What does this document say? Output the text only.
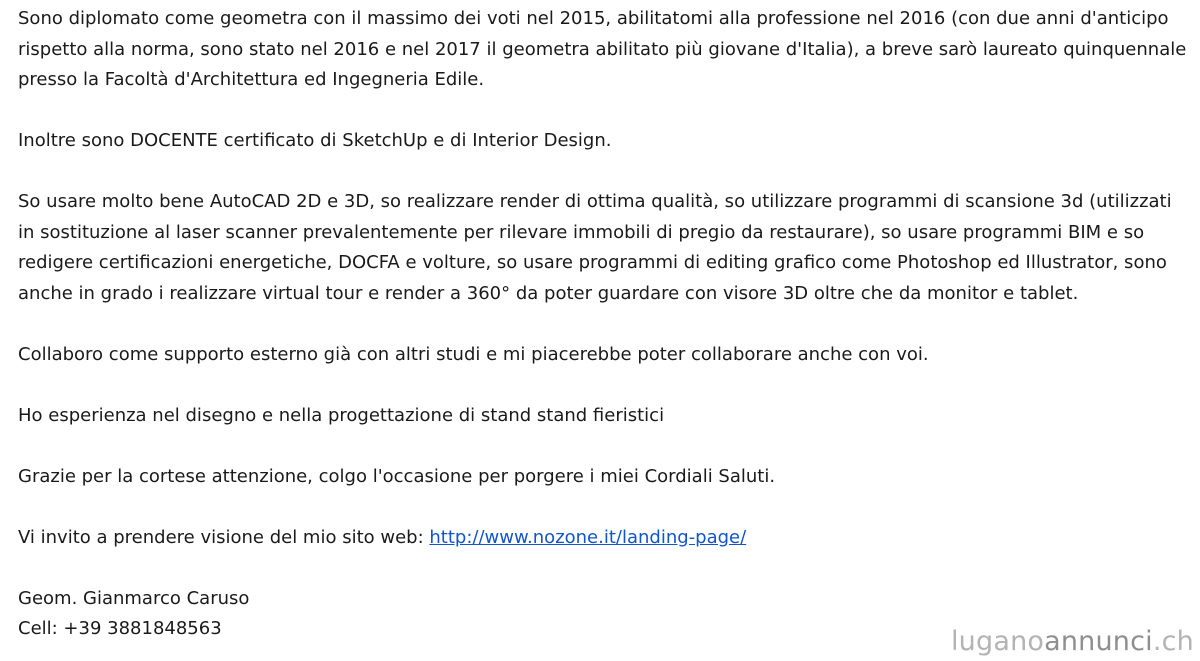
Sono diplomato come geometra con il massimo dei voti nel 2015, abilitatomi alla professione nel 2016 (con due anni d'anticipo rispetto alla norma, sono stato nel 2016 e nel 2017 il geometra abilitato più giovane d'Italia), a breve sarò laureato quinquennale presso la Facoltà d'Architettura ed Ingegneria Edile.

Inoltre sono DOCENTE certificato di SketchUp e di Interior Design.

So usare molto bene AutoCAD 2D e 3D, so realizzare render di ottima qualità, so utilizzare programmi di scansione 3d (utilizzati in sostituzione al laser scanner prevalentemente per rilevare immobili di pregio da restaurare), so usare programmi BIM e so redigere certificazioni energetiche, DOCFA e volture, so usare programmi di editing grafico come Photoshop ed Illustrator, sono anche in grado i realizzare virtual tour e render a 360° da poter guardare con visore 3D oltre che da monitor e tablet.

Collaboro come supporto esterno già con altri studi e mi piacerebbe poter collaborare anche con voi.

Ho esperienza nel disegno e nella progettazione di stand stand fieristici

Grazie per la cortese attenzione, colgo l'occasione per porgere i miei Cordiali Saluti.

Vi invito a prendere visione del mio sito web: http://www.nozone.it/landing-page/

Geom. Gianmarco Caruso
Cell: +39 3881848563	luganoannunci.ch
